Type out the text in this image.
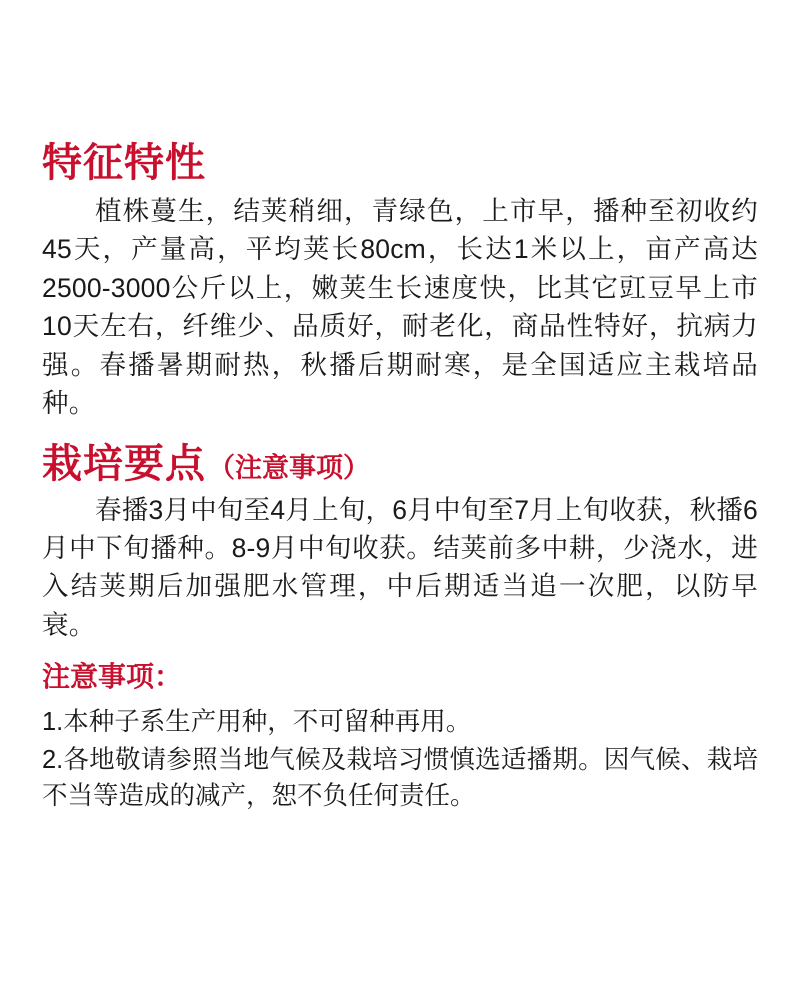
特征特性

植株蔓生，结荚稍细，青绿色，上市早，播种至初收约45天，产量高，平均荚长80cm，长达1米以上，亩产高达2500-3000公斤以上，嫩荚生长速度快，比其它豇豆早上市10天左右，纤维少、品质好，耐老化，商品性特好，抗病力强。春播暑期耐热，秋播后期耐寒，是全国适应主栽培品种。

栽培要点 （注意事项）

春播3月中旬至4月上旬，6月中旬至7月上旬收获，秋播6月中下旬播种。8-9月中旬收获。结荚前多中耕，少浇水，进入结荚期后加强肥水管理，中后期适当追一次肥，以防早衰。

注意事项：
1.本种子系生产用种，不可留种再用。
2.各地敬请参照当地气候及栽培习惯慎选适播期。因气候、栽培不当等造成的减产，恕不负任何责任。
